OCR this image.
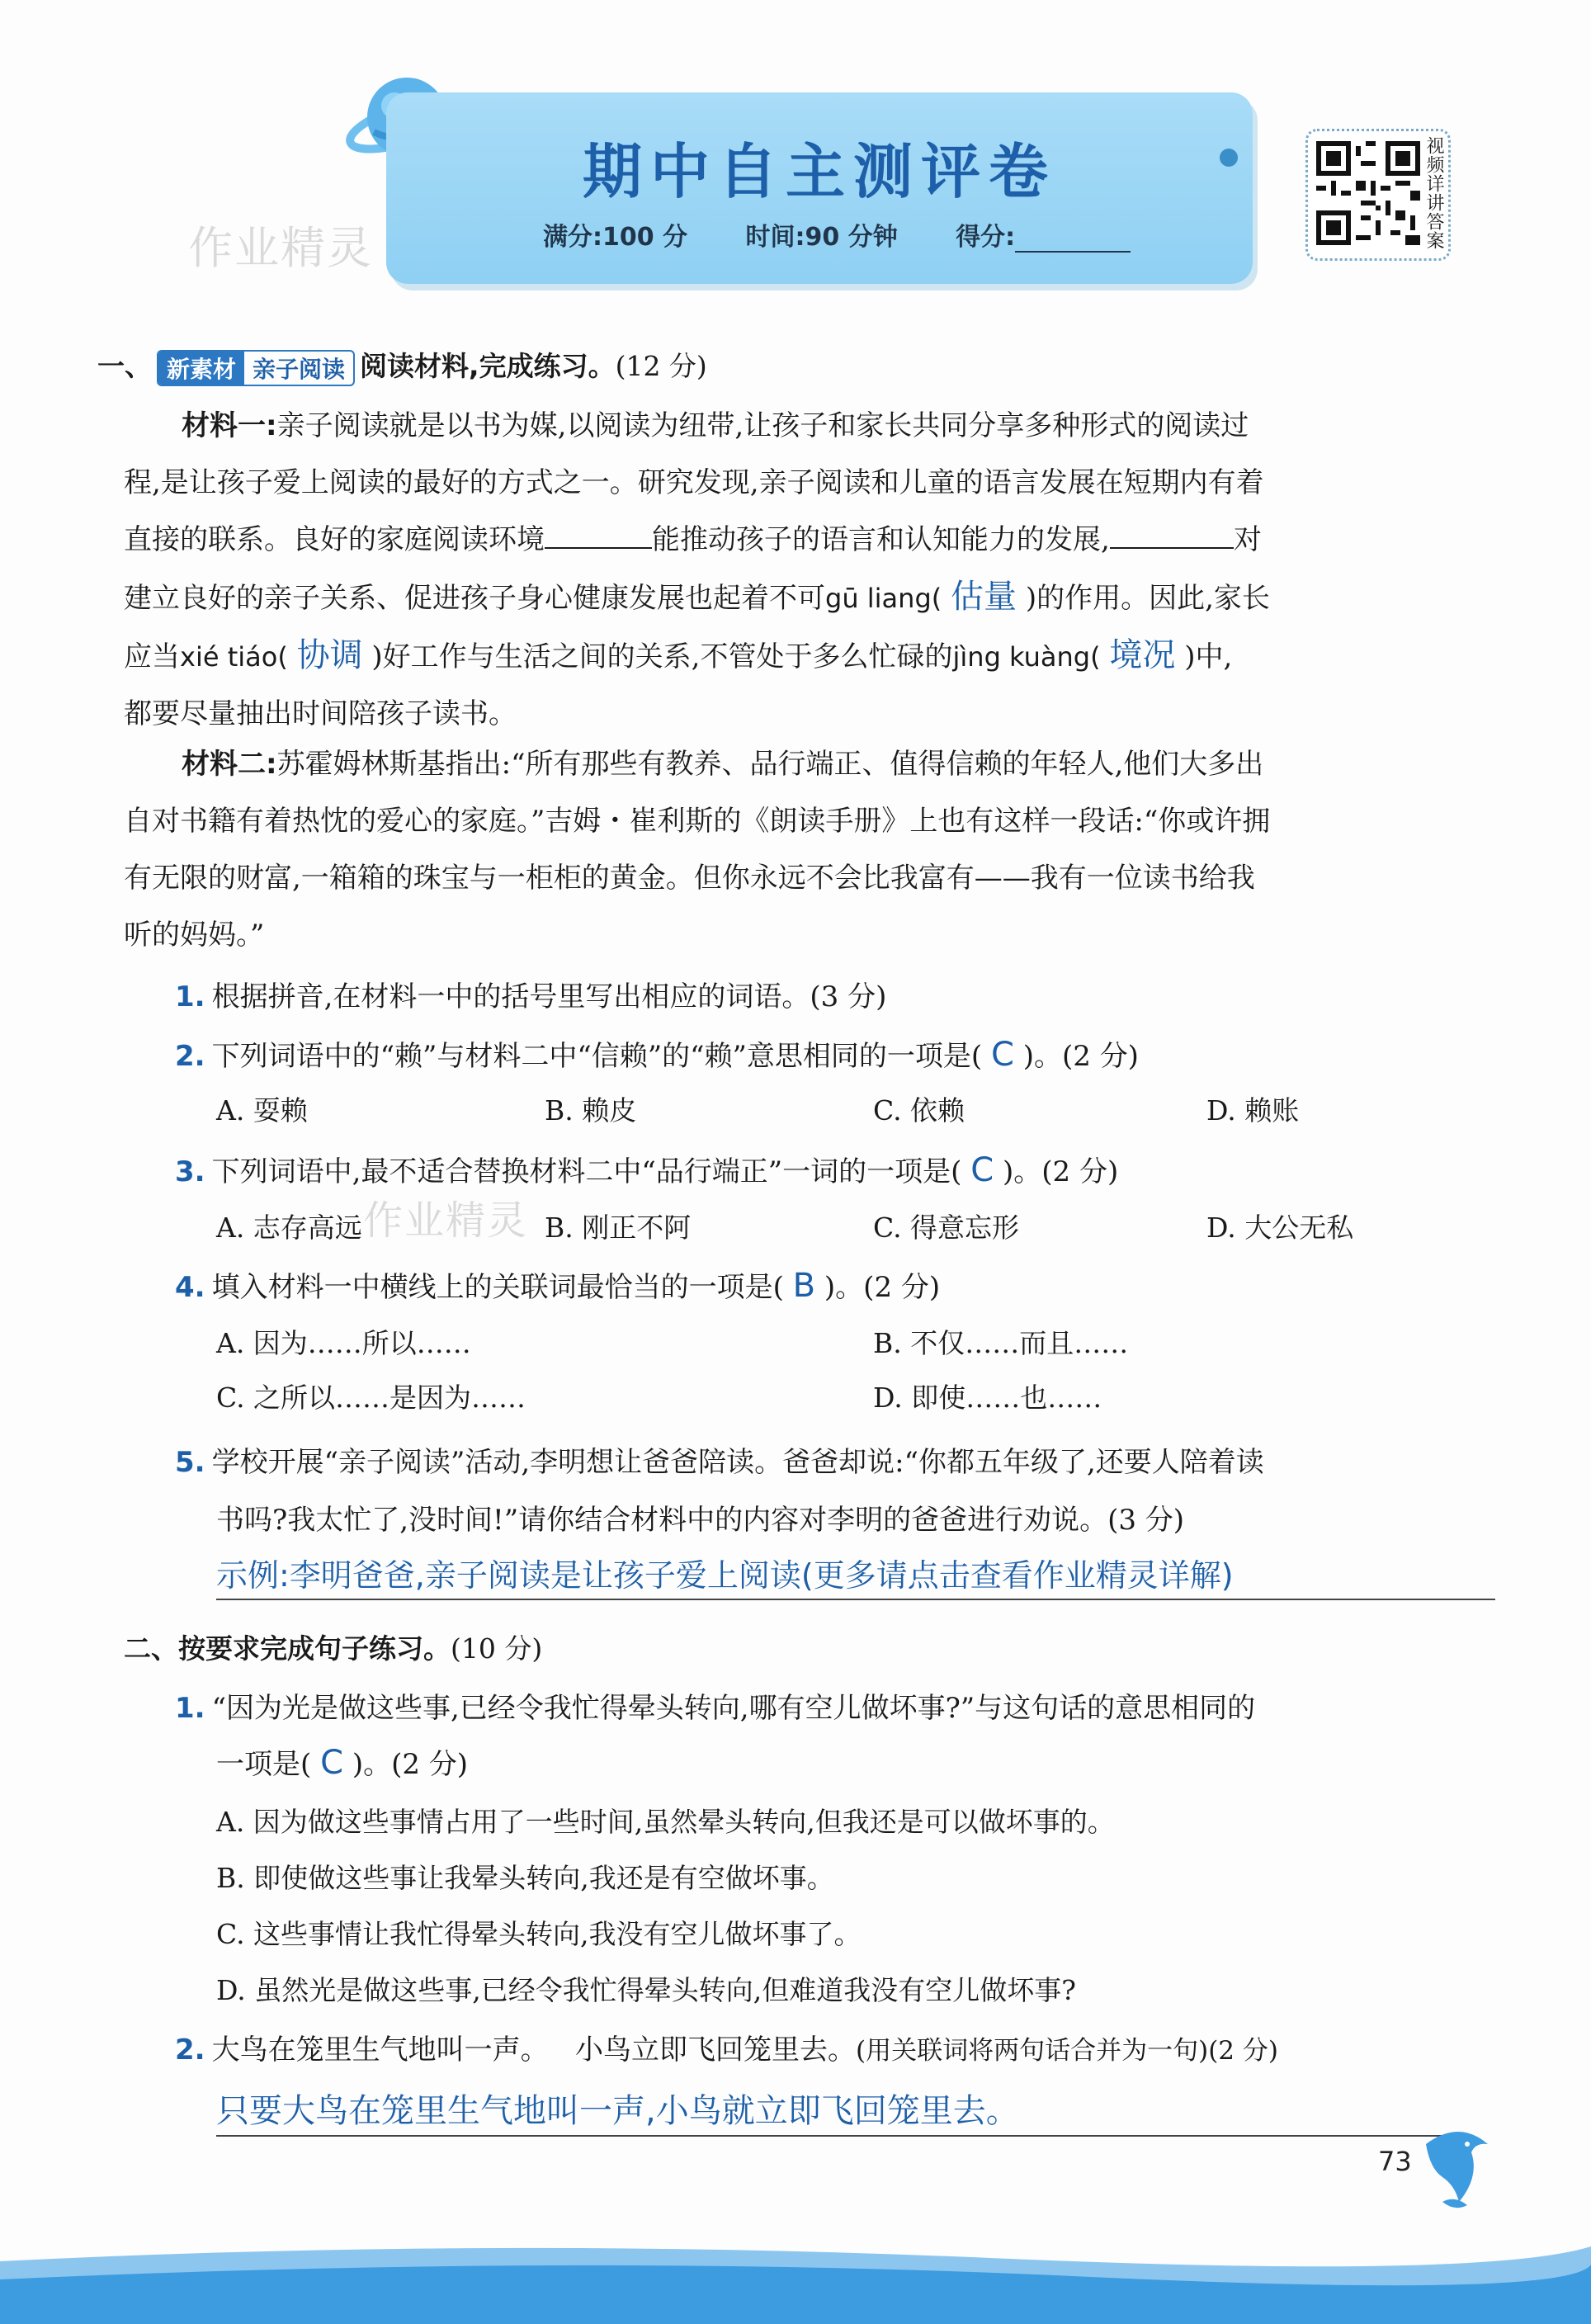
期中自主测评卷
满分:100 分 时间:90 分钟 得分:
作业精灵	视频详讲答案
一、 新素材 亲子阅读 阅读材料,完成练习。(12 分)
材料一:亲子阅读就是以书为媒,以阅读为纽带,让孩子和家长共同分享多种形式的阅读过
程,是让孩子爱上阅读的最好的方式之一。研究发现,亲子阅读和儿童的语言发展在短期内有着
直接的联系。良好的家庭阅读环境	能推动孩子的语言和认知能力的发展,	对
建立良好的亲子关系、促进孩子身心健康发展也起着不可gū liang( 估量 )的作用。因此,家长
应当xié tiáo( 协调 )好工作与生活之间的关系,不管处于多么忙碌的jìng kuàng( 境况 )中,
都要尽量抽出时间陪孩子读书。
材料二:苏霍姆林斯基指出:“所有那些有教养、品行端正、值得信赖的年轻人,他们大多出
自对书籍有着热忱的爱心的家庭。”吉姆・崔利斯的《朗读手册》上也有这样一段话:“你或许拥
有无限的财富,一箱箱的珠宝与一柜柜的黄金。但你永远不会比我富有——我有一位读书给我
听的妈妈。”
1. 根据拼音,在材料一中的括号里写出相应的词语。(3 分)
2. 下列词语中的“赖”与材料二中“信赖”的“赖”意思相同的一项是( C )。(2 分)
A. 耍赖	B. 赖皮	C. 依赖	D. 赖账
3. 下列词语中,最不适合替换材料二中“品行端正”一词的一项是( C )。(2 分)
A. 志存高远 作业精灵 B. 刚正不阿	C. 得意忘形	D. 大公无私
4. 填入材料一中横线上的关联词最恰当的一项是( B )。(2 分)
A. 因为……所以……	B. 不仅……而且……
C. 之所以……是因为……	D. 即使……也……
5. 学校开展“亲子阅读”活动,李明想让爸爸陪读。爸爸却说:“你都五年级了,还要人陪着读
书吗?我太忙了,没时间!”请你结合材料中的内容对李明的爸爸进行劝说。(3 分)
示例:李明爸爸,亲子阅读是让孩子爱上阅读(更多请点击查看作业精灵详解)
二、按要求完成句子练习。(10 分)
1. “因为光是做这些事,已经令我忙得晕头转向,哪有空儿做坏事?”与这句话的意思相同的
一项是( C )。(2 分)
A. 因为做这些事情占用了一些时间,虽然晕头转向,但我还是可以做坏事的。
B. 即使做这些事让我晕头转向,我还是有空做坏事。
C. 这些事情让我忙得晕头转向,我没有空儿做坏事了。
D. 虽然光是做这些事,已经令我忙得晕头转向,但难道我没有空儿做坏事?
2. 大鸟在笼里生气地叫一声。 小鸟立即飞回笼里去。(用关联词将两句话合并为一句)(2 分)
只要大鸟在笼里生气地叫一声,小鸟就立即飞回笼里去。
73
